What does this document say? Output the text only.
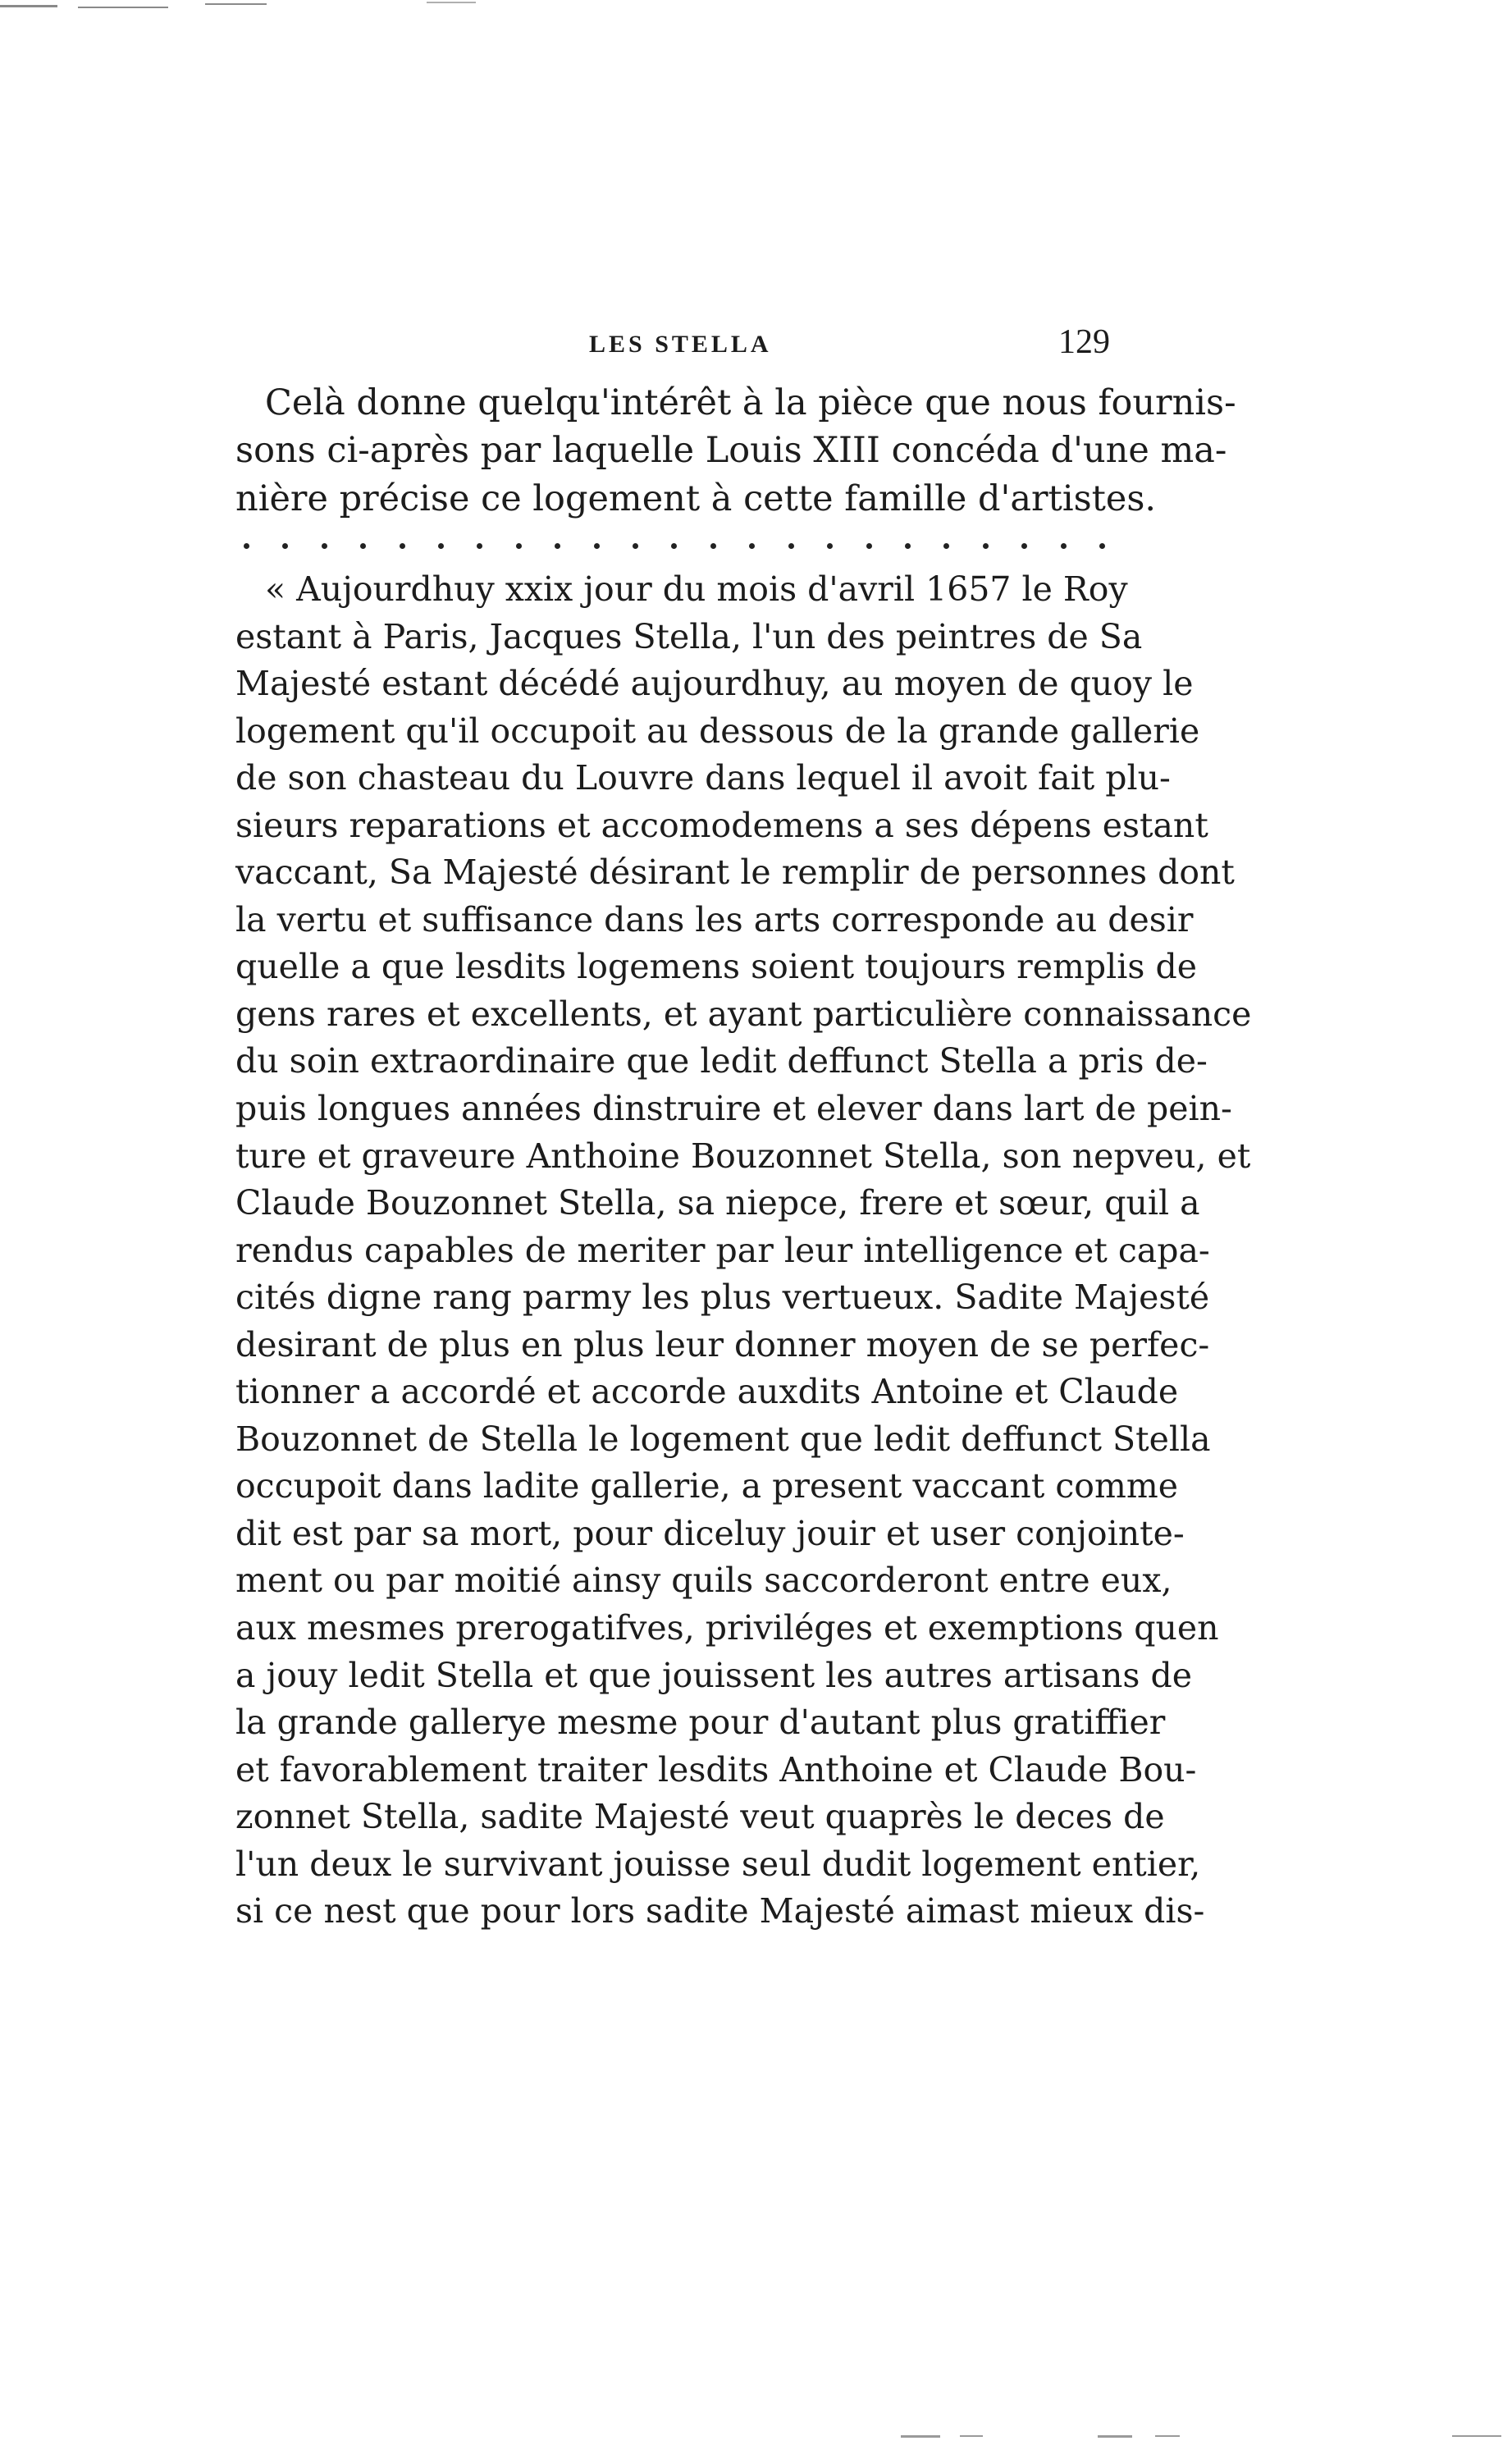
LES STELLA	129
Celà donne quelqu'intérêt à la pièce que nous fournis-
sons ci-après par laquelle Louis XIII concéda d'une ma-
nière précise ce logement à cette famille d'artistes.
« Aujourdhuy xxix jour du mois d'avril 1657 le Roy
estant à Paris, Jacques Stella, l'un des peintres de Sa
Majesté estant décédé aujourdhuy, au moyen de quoy le
logement qu'il occupoit au dessous de la grande gallerie
de son chasteau du Louvre dans lequel il avoit fait plu-
sieurs reparations et accomodemens a ses dépens estant
vaccant, Sa Majesté désirant le remplir de personnes dont
la vertu et suffisance dans les arts corresponde au desir
quelle a que lesdits logemens soient toujours remplis de
gens rares et excellents, et ayant particulière connaissance
du soin extraordinaire que ledit deffunct Stella a pris de-
puis longues années dinstruire et elever dans lart de pein-
ture et graveure Anthoine Bouzonnet Stella, son nepveu, et
Claude Bouzonnet Stella, sa niepce, frere et sœur, quil a
rendus capables de meriter par leur intelligence et capa-
cités digne rang parmy les plus vertueux. Sadite Majesté
desirant de plus en plus leur donner moyen de se perfec-
tionner a accordé et accorde auxdits Antoine et Claude
Bouzonnet de Stella le logement que ledit deffunct Stella
occupoit dans ladite gallerie, a present vaccant comme
dit est par sa mort, pour diceluy jouir et user conjointe-
ment ou par moitié ainsy quils saccorderont entre eux,
aux mesmes prerogatifves, priviléges et exemptions quen
a jouy ledit Stella et que jouissent les autres artisans de
la grande gallerye mesme pour d'autant plus gratiffier
et favorablement traiter lesdits Anthoine et Claude Bou-
zonnet Stella, sadite Majesté veut quaprès le deces de
l'un deux le survivant jouisse seul dudit logement entier,
si ce nest que pour lors sadite Majesté aimast mieux dis-
